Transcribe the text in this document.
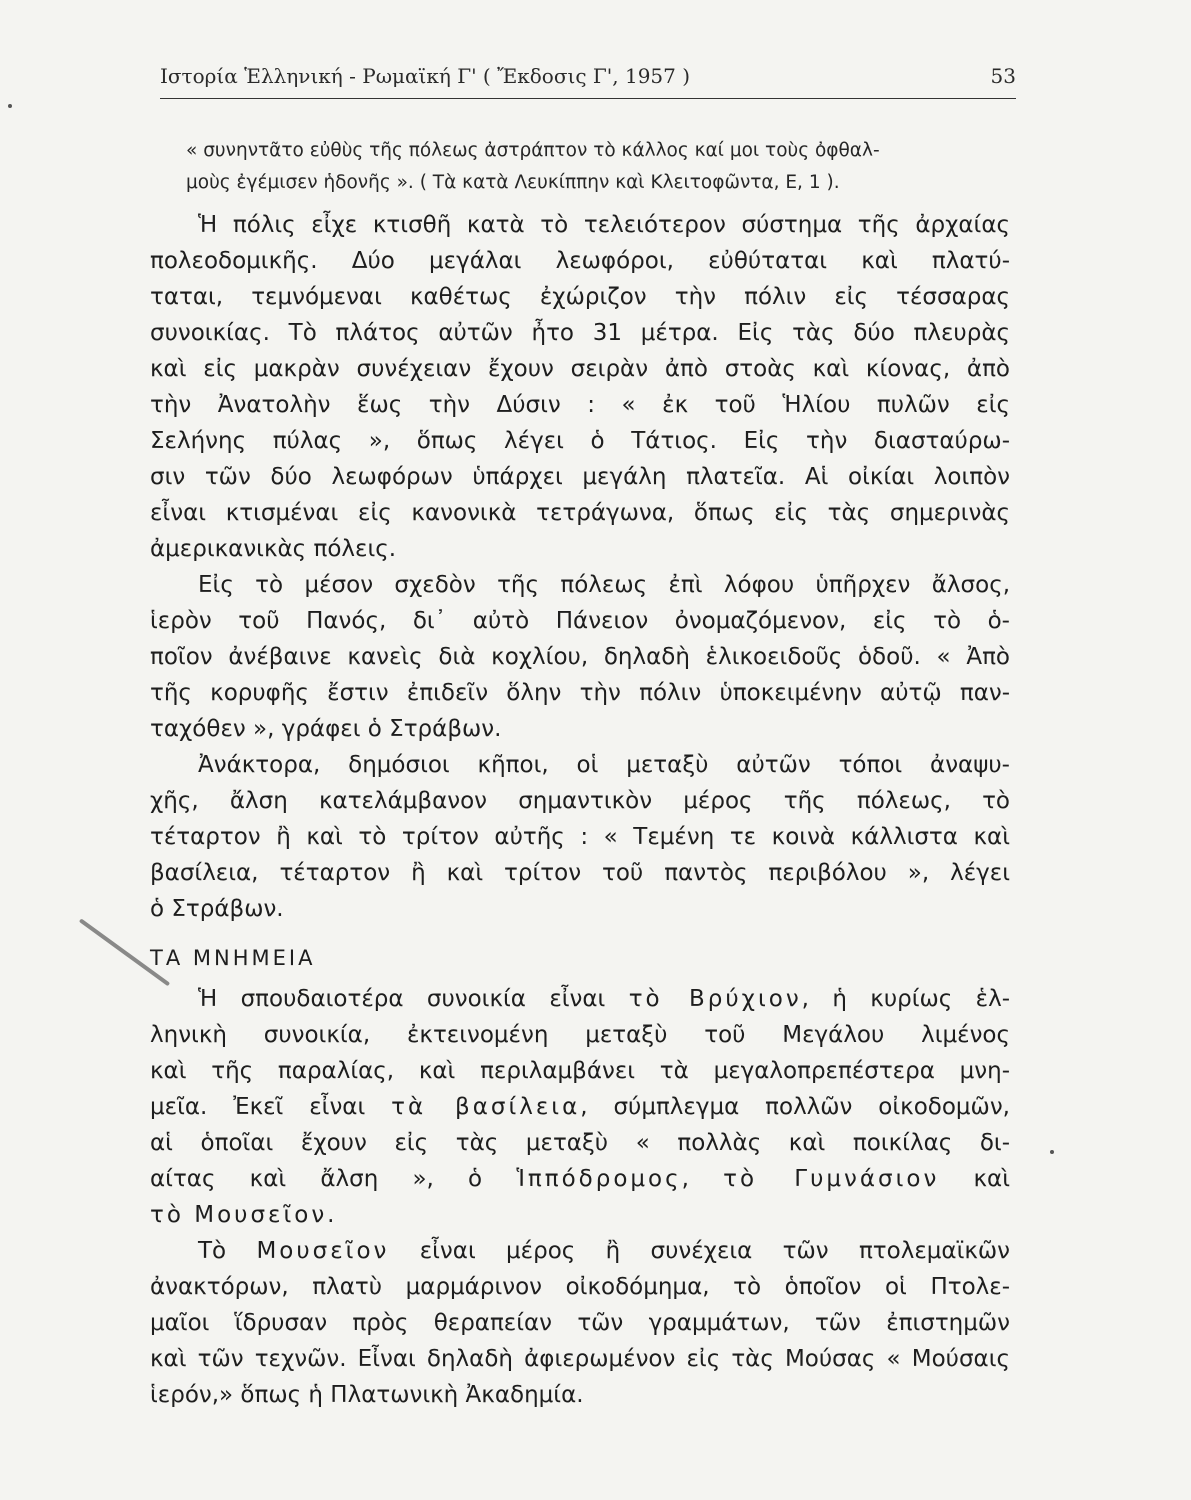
Ιστορία Ἑλληνική - Ρωμαϊκή Γ' ( Ἔκδοσις Γ', 1957 )	53
« συνηντᾶτο εὐθὺς τῆς πόλεως ἀστράπτον τὸ κάλλος καί μοι τοὺς ὀφθαλ-
μοὺς ἐγέμισεν ἡδονῆς ». ( Τὰ κατὰ Λευκίππην καὶ Κλειτοφῶντα, Ε, 1 ).
Ἡ πόλις εἶχε κτισθῆ κατὰ τὸ τελειότερον σύστημα τῆς ἀρχαίας
πολεοδομικῆς. Δύο μεγάλαι λεωφόροι, εὐθύταται καὶ πλατύ-
ταται, τεμνόμεναι καθέτως ἐχώριζον τὴν πόλιν εἰς τέσσαρας
συνοικίας. Τὸ πλάτος αὐτῶν ἦτο 31 μέτρα. Εἰς τὰς δύο πλευρὰς
καὶ εἰς μακρὰν συνέχειαν ἔχουν σειρὰν ἀπὸ στοὰς καὶ κίονας, ἀπὸ
τὴν Ἀνατολὴν ἕως τὴν Δύσιν : « ἐκ τοῦ Ἡλίου πυλῶν εἰς
Σελήνης πύλας », ὅπως λέγει ὁ Τάτιος. Εἰς τὴν διασταύρω-
σιν τῶν δύο λεωφόρων ὑπάρχει μεγάλη πλατεῖα. Αἱ οἰκίαι λοιπὸν
εἶναι κτισμέναι εἰς κανονικὰ τετράγωνα, ὅπως εἰς τὰς σημερινὰς
ἀμερικανικὰς πόλεις.
Εἰς τὸ μέσον σχεδὸν τῆς πόλεως ἐπὶ λόφου ὑπῆρχεν ἄλσος,
ἱερὸν τοῦ Πανός, δι᾿ αὐτὸ Πάνειον ὀνομαζόμενον, εἰς τὸ ὁ-
ποῖον ἀνέβαινε κανεὶς διὰ κοχλίου, δηλαδὴ ἑλικοειδοῦς ὁδοῦ. « Ἀπὸ
τῆς κορυφῆς ἔστιν ἐπιδεῖν ὅλην τὴν πόλιν ὑποκειμένην αὐτῷ παν-
ταχόθεν », γράφει ὁ Στράβων.
Ἀνάκτορα, δημόσιοι κῆποι, οἱ μεταξὺ αὐτῶν τόποι ἀναψυ-
χῆς, ἄλση κατελάμβανον σημαντικὸν μέρος τῆς πόλεως, τὸ
τέταρτον ἢ καὶ τὸ τρίτον αὐτῆς : « Τεμένη τε κοινὰ κάλλιστα καὶ
βασίλεια, τέταρτον ἢ καὶ τρίτον τοῦ παντὸς περιβόλου », λέγει
ὁ Στράβων.
ΤΑ ΜΝΗΜΕΙΑ
Ἡ σπουδαιοτέρα συνοικία εἶναι τὸ Βρύχιον, ἡ κυρίως ἑλ-
ληνικὴ συνοικία, ἐκτεινομένη μεταξὺ τοῦ Μεγάλου λιμένος
καὶ τῆς παραλίας, καὶ περιλαμβάνει τὰ μεγαλοπρεπέστερα μνη-
μεῖα. Ἐκεῖ εἶναι τὰ βασίλεια, σύμπλεγμα πολλῶν οἰκοδομῶν,
αἱ ὁποῖαι ἔχουν εἰς τὰς μεταξὺ « πολλὰς καὶ ποικίλας δι-
αίτας καὶ ἄλση », ὁ Ἱππόδρομος, τὸ Γυμνάσιον καὶ
τὸ Μουσεῖον.
Τὸ Μουσεῖον εἶναι μέρος ἢ συνέχεια τῶν πτολεμαϊκῶν
ἀνακτόρων, πλατὺ μαρμάρινον οἰκοδόμημα, τὸ ὁποῖον οἱ Πτολε-
μαῖοι ἵδρυσαν πρὸς θεραπείαν τῶν γραμμάτων, τῶν ἐπιστημῶν
καὶ τῶν τεχνῶν. Εἶναι δηλαδὴ ἀφιερωμένον εἰς τὰς Μούσας « Μούσαις
ἱερόν,» ὅπως ἡ Πλατωνικὴ Ἀκαδημία.
